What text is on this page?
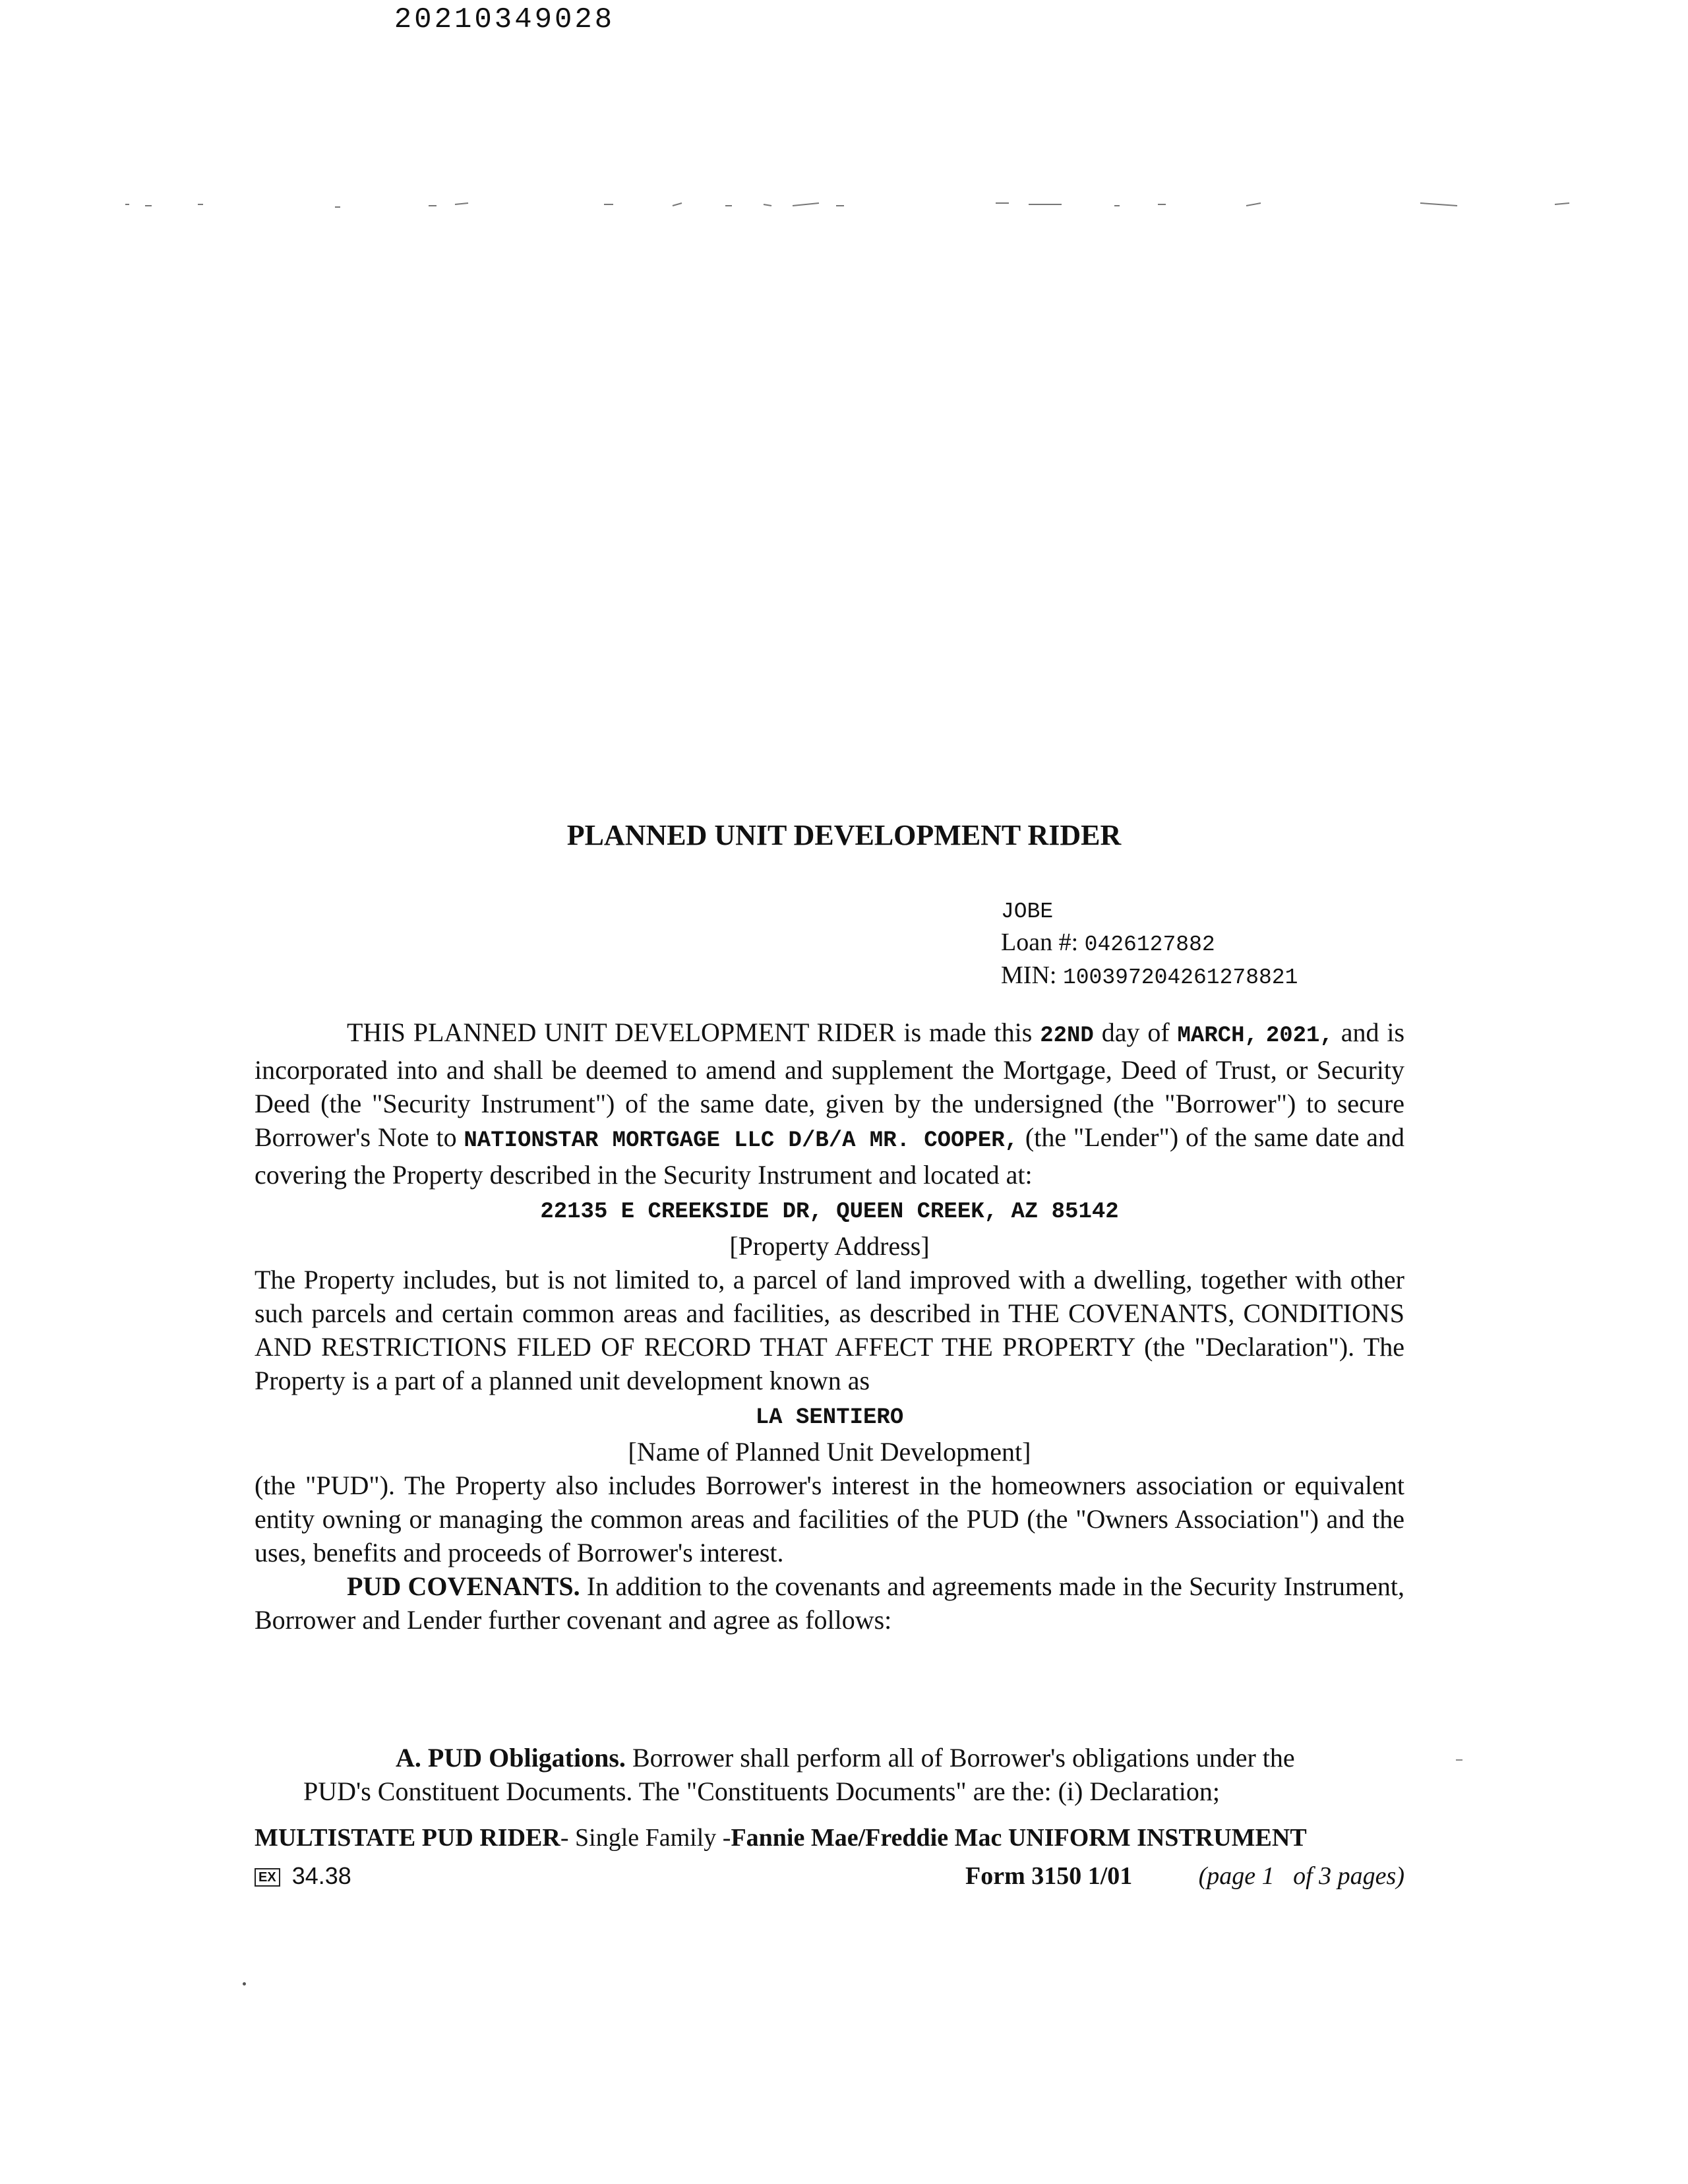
20210349028
PLANNED UNIT DEVELOPMENT RIDER
JOBE
Loan #: 0426127882
MIN: 100397204261278821

THIS PLANNED UNIT DEVELOPMENT RIDER is made this 22ND day of MARCH, 2021, and is incorporated into and shall be deemed to amend and supplement the Mortgage, Deed of Trust, or Security Deed (the "Security Instrument") of the same date, given by the undersigned (the "Borrower") to secure Borrower's Note to NATIONSTAR MORTGAGE LLC D/B/A MR. COOPER, (the "Lender") of the same date and covering the Property described in the Security Instrument and located at:

22135 E CREEKSIDE DR, QUEEN CREEK, AZ 85142

[Property Address]

The Property includes, but is not limited to, a parcel of land improved with a dwelling, together with other such parcels and certain common areas and facilities, as described in THE COVENANTS, CONDITIONS AND RESTRICTIONS FILED OF RECORD THAT AFFECT THE PROPERTY (the "Declaration"). The Property is a part of a planned unit development known as

LA SENTIERO

[Name of Planned Unit Development]

(the "PUD"). The Property also includes Borrower's interest in the homeowners association or equivalent entity owning or managing the common areas and facilities of the PUD (the "Owners Association") and the uses, benefits and proceeds of Borrower's interest.

PUD COVENANTS. In addition to the covenants and agreements made in the Security Instrument, Borrower and Lender further covenant and agree as follows:

A. PUD Obligations. Borrower shall perform all of Borrower's obligations under the PUD's Constituent Documents. The "Constituents Documents" are the: (i) Declaration;

MULTISTATE PUD RIDER- Single Family -Fannie Mae/Freddie Mac UNIFORM INSTRUMENT
EX 34.38	Form 3150 1/01	(page 1 of 3 pages)
